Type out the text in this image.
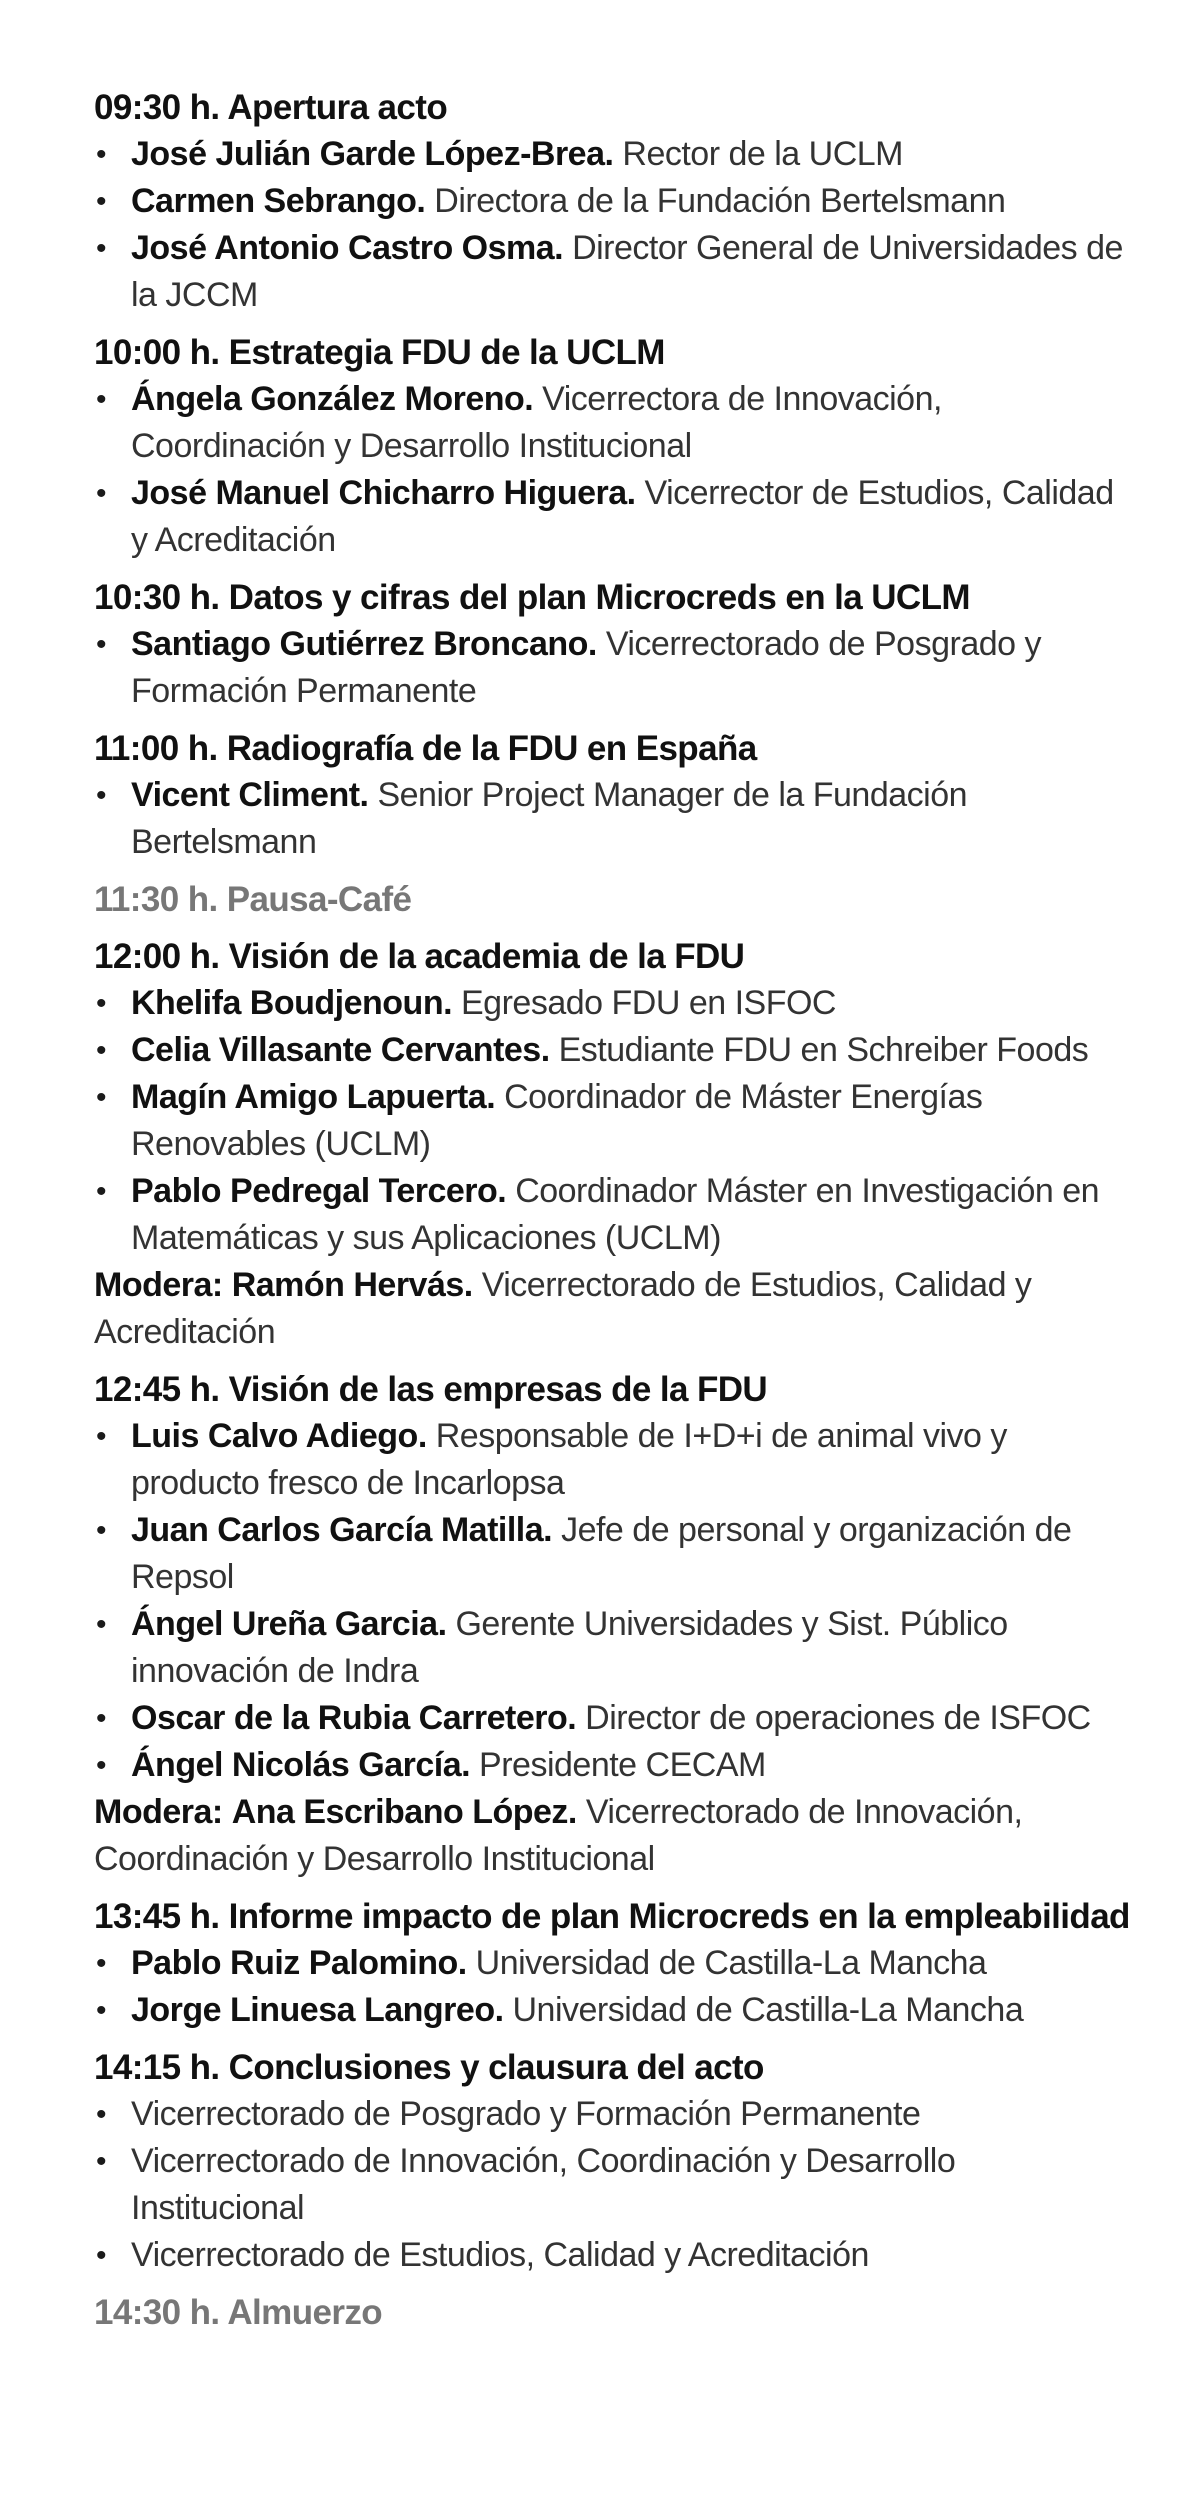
09:30 h. Apertura acto
• José Julián Garde López-Brea. Rector de la UCLM
• Carmen Sebrango. Directora de la Fundación Bertelsmann
• José Antonio Castro Osma. Director General de Universidades de la JCCM
10:00 h. Estrategia FDU de la UCLM
• Ángela González Moreno. Vicerrectora de Innovación, Coordinación y Desarrollo Institucional
• José Manuel Chicharro Higuera. Vicerrector de Estudios, Calidad y Acreditación
10:30 h. Datos y cifras del plan Microcreds en la UCLM
• Santiago Gutiérrez Broncano. Vicerrectorado de Posgrado y Formación Permanente
11:00 h. Radiografía de la FDU en España
• Vicent Climent. Senior Project Manager de la Fundación Bertelsmann
11:30 h. Pausa-Café
12:00 h. Visión de la academia de la FDU
• Khelifa Boudjenoun. Egresado FDU en ISFOC
• Celia Villasante Cervantes. Estudiante FDU en Schreiber Foods
• Magín Amigo Lapuerta. Coordinador de Máster Energías Renovables (UCLM)
• Pablo Pedregal Tercero. Coordinador Máster en Investigación en Matemáticas y sus Aplicaciones (UCLM)
Modera: Ramón Hervás. Vicerrectorado de Estudios, Calidad y Acreditación
12:45 h. Visión de las empresas de la FDU
• Luis Calvo Adiego. Responsable de I+D+i de animal vivo y producto fresco de Incarlopsa
• Juan Carlos García Matilla. Jefe de personal y organización de Repsol
• Ángel Ureña Garcia. Gerente Universidades y Sist. Público innovación de Indra
• Oscar de la Rubia Carretero. Director de operaciones de ISFOC
• Ángel Nicolás García. Presidente CECAM
Modera: Ana Escribano López. Vicerrectorado de Innovación, Coordinación y Desarrollo Institucional
13:45 h. Informe impacto de plan Microcreds en la empleabilidad
• Pablo Ruiz Palomino. Universidad de Castilla-La Mancha
• Jorge Linuesa Langreo. Universidad de Castilla-La Mancha
14:15 h. Conclusiones y clausura del acto
• Vicerrectorado de Posgrado y Formación Permanente
• Vicerrectorado de Innovación, Coordinación y Desarrollo Institucional
• Vicerrectorado de Estudios, Calidad y Acreditación
14:30 h. Almuerzo
